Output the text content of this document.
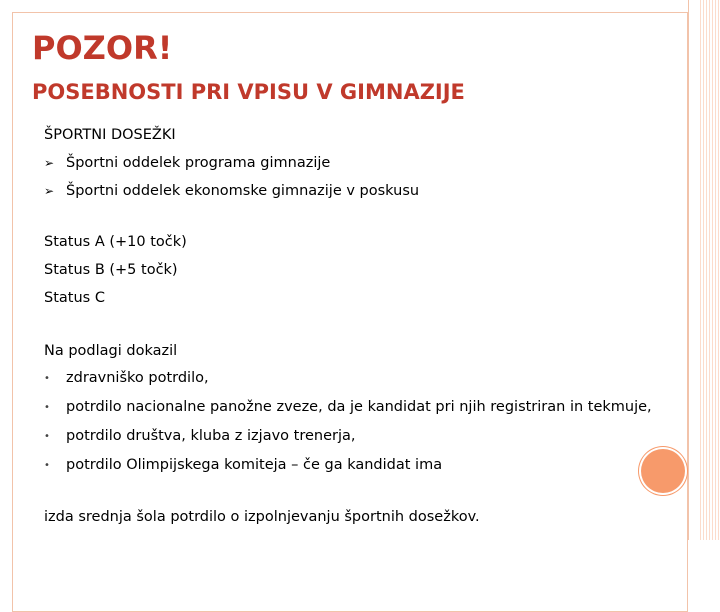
POZOR!
POSEBNOSTI PRI VPISU V GIMNAZIJE
ŠPORTNI DOSEŽKI
➢ Športni oddelek programa gimnazije
➢ Športni oddelek ekonomske gimnazije v poskusu
Status A (+10 točk)
Status B (+5 točk)
Status C
Na podlagi dokazil
• zdravniško potrdilo,
• potrdilo nacionalne panožne zveze, da je kandidat pri njih registriran in tekmuje,
• potrdilo društva, kluba z izjavo trenerja,
• potrdilo Olimpijskega komiteja – če ga kandidat ima
izda srednja šola potrdilo o izpolnjevanju športnih dosežkov.
